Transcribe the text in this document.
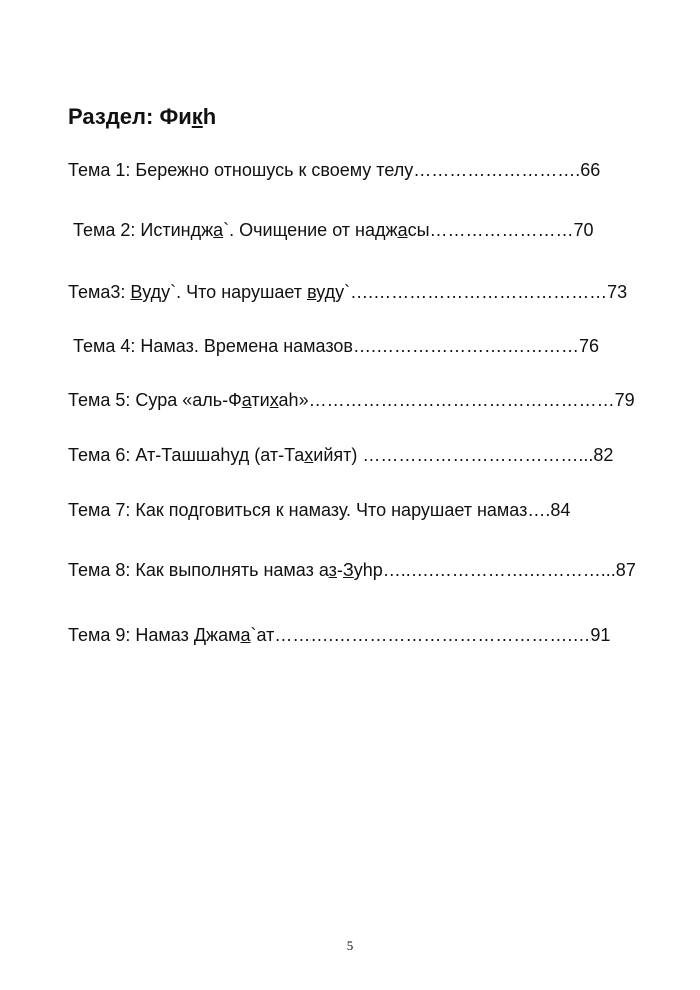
Раздел: Фикh
Тема 1: Бережно отношусь к своему телу……………………….66
Тема 2: Истинджа`. Очищение от наджасы……………………70
Тема3: Вуду`. Что нарушает вуду`….…………………………………73
Тема 4: Намаз. Времена намазов….………………….…………76
Тема 5: Сура «аль-Фатихаh»……………………………………………79
Тема 6: Ат-Ташшаhуд (ат-Тахийят) ………………………………...82
Тема 7: Как подговиться к намазу. Что нарушает намаз….84
Тема 8: Как выполнять намаз аз-Зуhр…..….…………….…………...87
Тема 9: Намаз Джама`ат……….………………………………….…91
5
